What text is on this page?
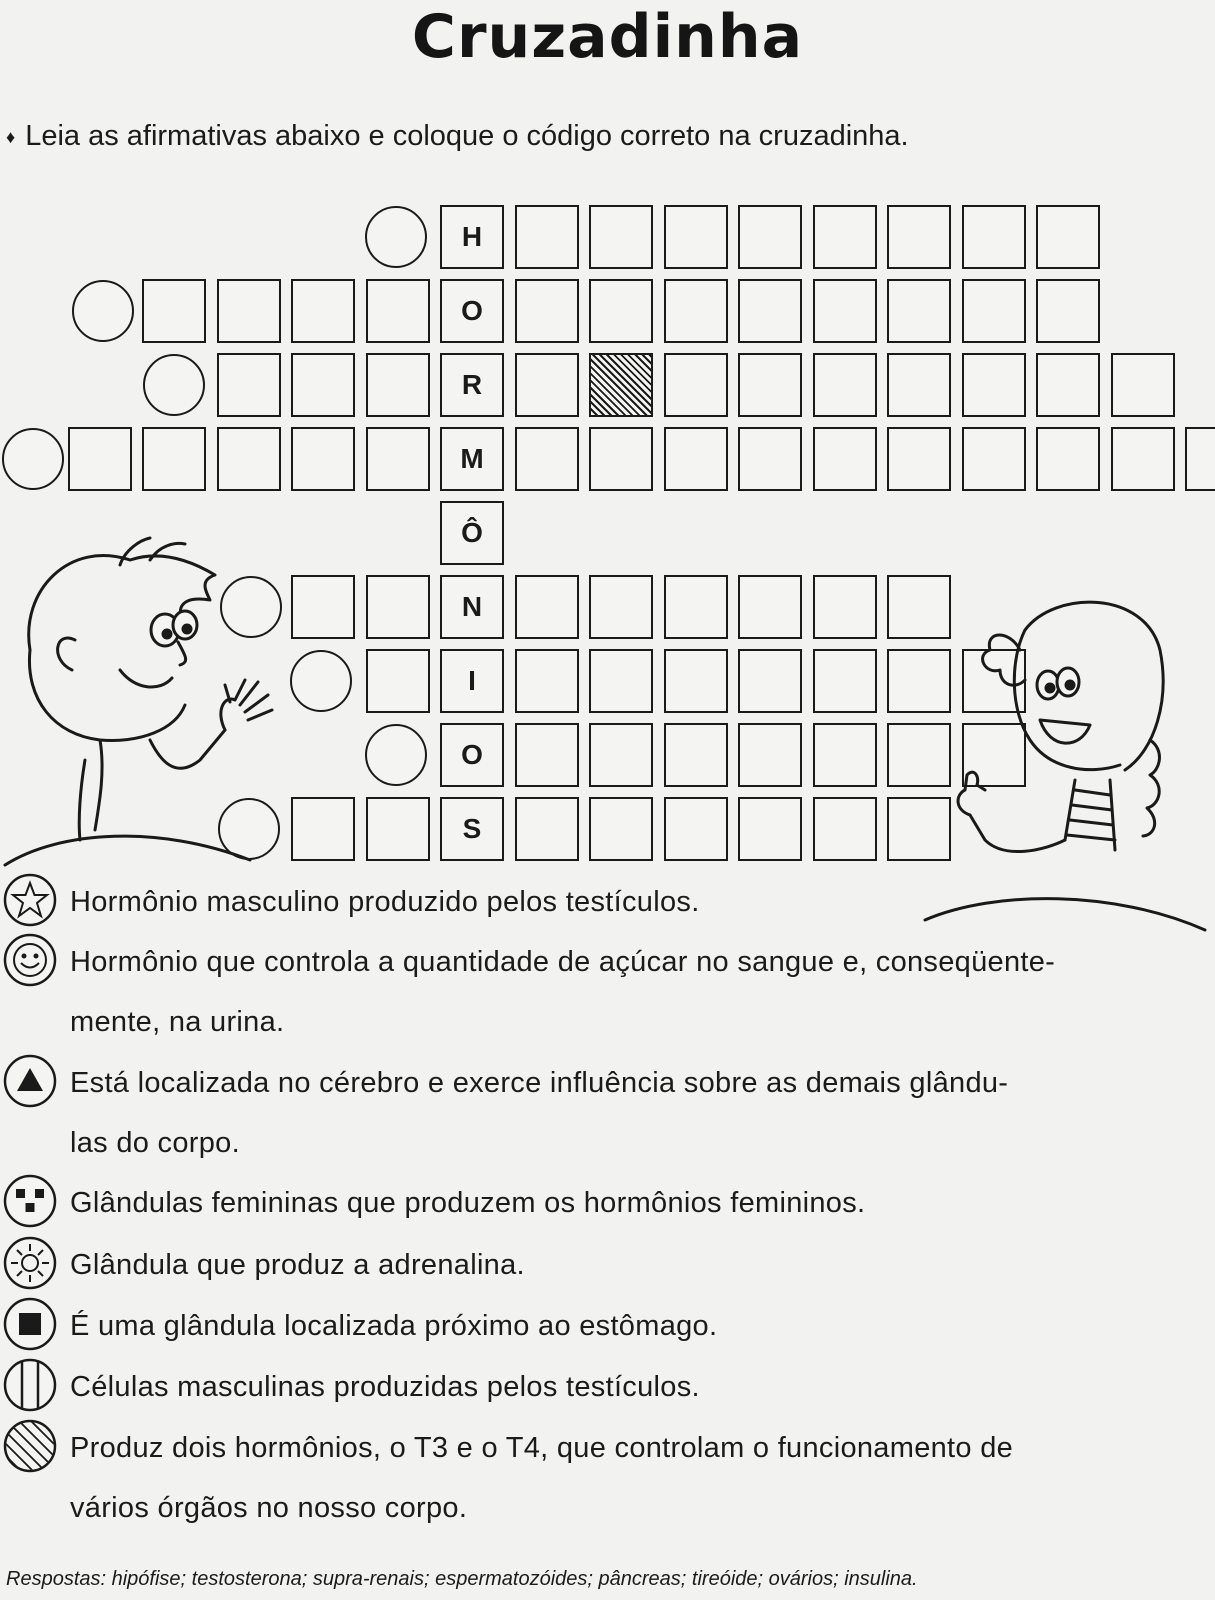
Cruzadinha
♦ Leia as afirmativas abaixo e coloque o código correto na cruzadinha.
H
O
R
M
Ô
N
I
O
S
Hormônio masculino produzido pelos testículos.
Hormônio que controla a quantidade de açúcar no sangue e, conseqüente-
mente, na urina.
Está localizada no cérebro e exerce influência sobre as demais glându-
las do corpo.
Glândulas femininas que produzem os hormônios femininos.
Glândula que produz a adrenalina.
É uma glândula localizada próximo ao estômago.
Células masculinas produzidas pelos testículos.
Produz dois hormônios, o T3 e o T4, que controlam o funcionamento de
vários órgãos no nosso corpo.
Respostas: hipófise; testosterona; supra-renais; espermatozóides; pâncreas; tireóide; ovários; insulina.
